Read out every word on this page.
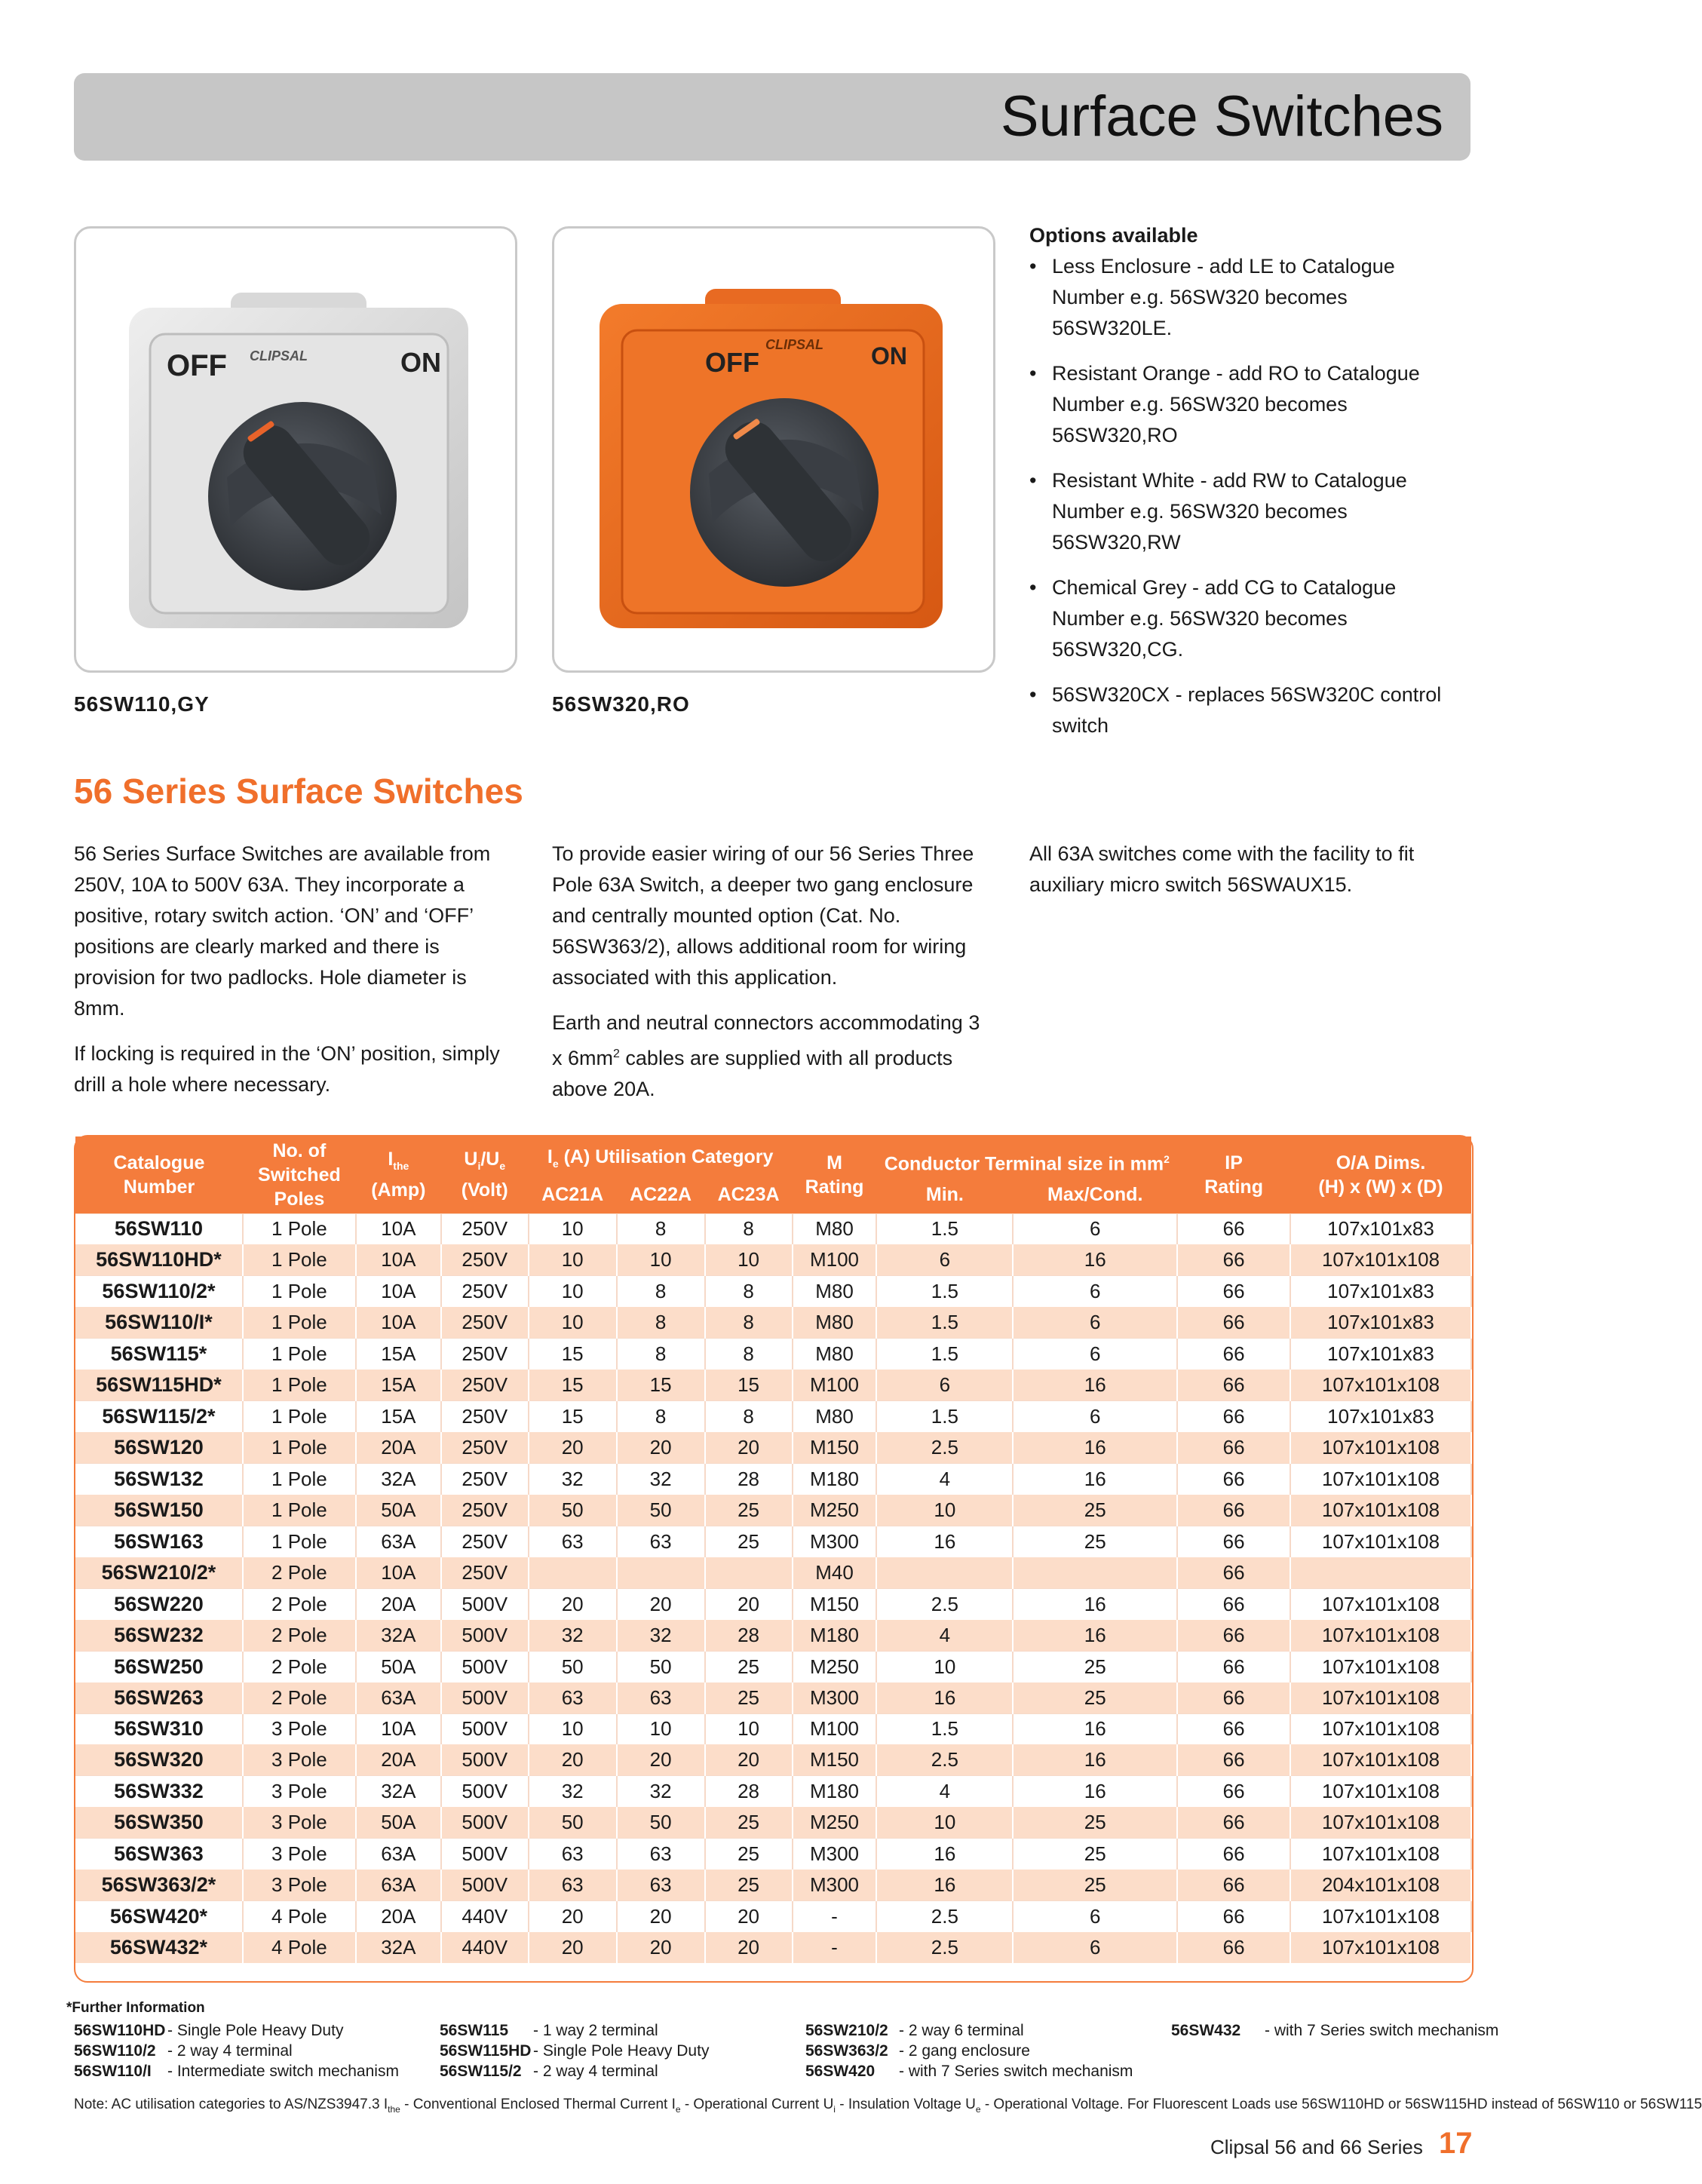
Surface Switches
OFF	ON
CLIPSAL
56SW110,GY
OFF	ON
CLIPSAL
56SW320,RO
Options available
• Less Enclosure - add LE to Catalogue Number e.g. 56SW320 becomes 56SW320LE.
• Resistant Orange - add RO to Catalogue Number e.g. 56SW320 becomes 56SW320,RO
• Resistant White - add RW to Catalogue Number e.g. 56SW320 becomes 56SW320,RW
• Chemical Grey - add CG to Catalogue Number e.g. 56SW320 becomes 56SW320,CG.
• 56SW320CX - replaces 56SW320C control switch
56 Series Surface Switches

56 Series Surface Switches are available from 250V, 10A to 500V 63A. They incorporate a positive, rotary switch action. ‘ON’ and ‘OFF’ positions are clearly marked and there is provision for two padlocks. Hole diameter is 8mm.

If locking is required in the ‘ON’ position, simply drill a hole where necessary.

To provide easier wiring of our 56 Series Three Pole 63A Switch, a deeper two gang enclosure and centrally mounted option (Cat. No. 56SW363/2), allows additional room for wiring associated with this application.

Earth and neutral connectors accommodating 3 x $6mm^2$ cables are supplied with all products above 20A.

All 63A switches come with the facility to fit auxiliary micro switch 56SWAUX15.

Catalogue
Number	No. of
Switched
Poles	$I_{the}$
(Amp)	$U_i/U_e$
(Volt)	$I_e$ (A) Utilisation Category			M
Rating	Conductor Terminal size in $mm^2$		IP
Rating	O/A Dims.
(H) x (W) x (D)
				AC21A	AC22A	AC23A		Min.	Max/Cond.		
56SW110	1 Pole	10A	250V	10	8	8	M80	1.5	6	66	107x101x83
56SW110HD*	1 Pole	10A	250V	10	10	10	M100	6	16	66	107x101x108
56SW110/2*	1 Pole	10A	250V	10	8	8	M80	1.5	6	66	107x101x83
56SW110/I*	1 Pole	10A	250V	10	8	8	M80	1.5	6	66	107x101x83
56SW115*	1 Pole	15A	250V	15	8	8	M80	1.5	6	66	107x101x83
56SW115HD*	1 Pole	15A	250V	15	15	15	M100	6	16	66	107x101x108
56SW115/2*	1 Pole	15A	250V	15	8	8	M80	1.5	6	66	107x101x83
56SW120	1 Pole	20A	250V	20	20	20	M150	2.5	16	66	107x101x108
56SW132	1 Pole	32A	250V	32	32	28	M180	4	16	66	107x101x108
56SW150	1 Pole	50A	250V	50	50	25	M250	10	25	66	107x101x108
56SW163	1 Pole	63A	250V	63	63	25	M300	16	25	66	107x101x108
56SW210/2*	2 Pole	10A	250V				M40			66	
56SW220	2 Pole	20A	500V	20	20	20	M150	2.5	16	66	107x101x108
56SW232	2 Pole	32A	500V	32	32	28	M180	4	16	66	107x101x108
56SW250	2 Pole	50A	500V	50	50	25	M250	10	25	66	107x101x108
56SW263	2 Pole	63A	500V	63	63	25	M300	16	25	66	107x101x108
56SW310	3 Pole	10A	500V	10	10	10	M100	1.5	16	66	107x101x108
56SW320	3 Pole	20A	500V	20	20	20	M150	2.5	16	66	107x101x108
56SW332	3 Pole	32A	500V	32	32	28	M180	4	16	66	107x101x108
56SW350	3 Pole	50A	500V	50	50	25	M250	10	25	66	107x101x108
56SW363	3 Pole	63A	500V	63	63	25	M300	16	25	66	107x101x108
56SW363/2*	3 Pole	63A	500V	63	63	25	M300	16	25	66	204x101x108
56SW420*	4 Pole	20A	440V	20	20	20	-	2.5	6	66	107x101x108
56SW432*	4 Pole	32A	440V	20	20	20	-	2.5	6	66	107x101x108
*Further Information
56SW110HD - Single Pole Heavy Duty
56SW110/2 - 2 way 4 terminal
56SW110/I - Intermediate switch mechanism
56SW115 - 1 way 2 terminal
56SW115HD - Single Pole Heavy Duty
56SW115/2 - 2 way 4 terminal
56SW210/2 - 2 way 6 terminal
56SW363/2 - 2 gang enclosure
56SW420 - with 7 Series switch mechanism
56SW432 - with 7 Series switch mechanism
Note: AC utilisation categories to AS/NZS3947.3 $I_{the}$ - Conventional Enclosed Thermal Current $I_e$ - Operational Current $U_i$ - Insulation Voltage $U_e$ - Operational Voltage. For Fluorescent Loads use 56SW110HD or 56SW115HD instead of 56SW110 or 56SW115
Clipsal 56 and 66 Series 17
